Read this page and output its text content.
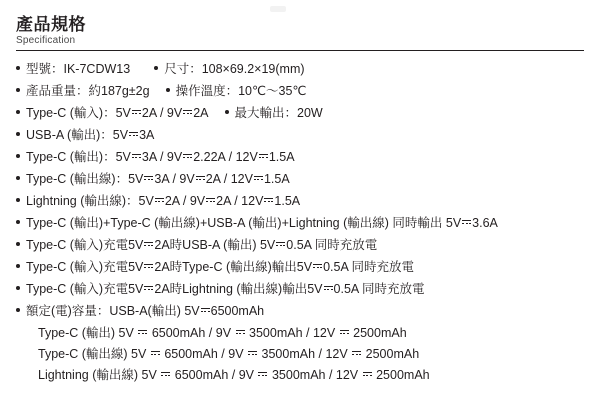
產品規格
Specification
型號：IK-7CDW13	尺寸：108×69.2×19(mm)
產品重量：約187g±2g 操作溫度：10℃～35℃
Type-C (輸入)：5V 2A / 9V 2A 最大輸出：20W
USB-A (輸出)：5V 3A
Type-C (輸出)：5V 3A / 9V 2.22A / 12V 1.5A
Type-C (輸出線)：5V 3A / 9V 2A / 12V 1.5A
Lightning (輸出線)：5V 2A / 9V 2A / 12V 1.5A
Type-C (輸出)+Type-C (輸出線)+USB-A (輸出)+Lightning (輸出線) 同時輸出 5V 3.6A
Type-C (輸入)充電5V 2A時USB-A (輸出) 5V 0.5A 同時充放電
Type-C (輸入)充電5V 2A時Type-C (輸出線)輸出5V 0.5A 同時充放電
Type-C (輸入)充電5V 2A時Lightning (輸出線)輸出5V 0.5A 同時充放電
額定(電)容量：USB-A(輸出) 5V 6500mAh
Type-C (輸出) 5V 6500mAh / 9V 3500mAh / 12V 2500mAh
Type-C (輸出線) 5V 6500mAh / 9V 3500mAh / 12V 2500mAh
Lightning (輸出線) 5V 6500mAh / 9V 3500mAh / 12V 2500mAh
